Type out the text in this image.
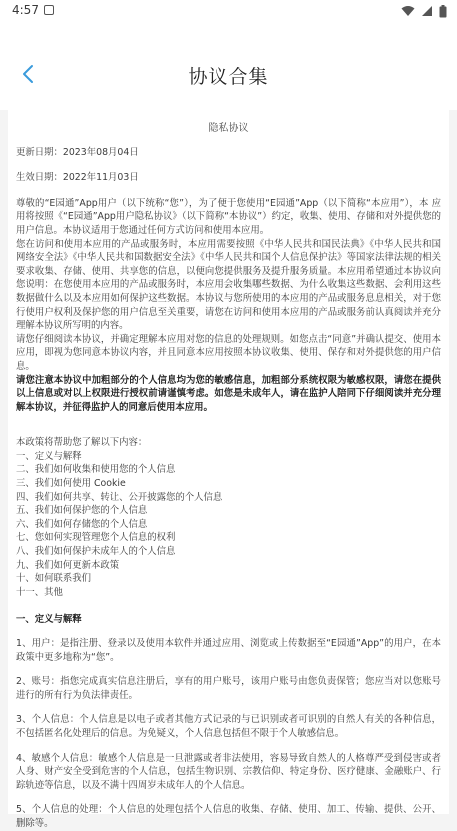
4:57
协议合集
隐私协议
更新日期：2023年08月04日
生效日期：2022年11月03日

尊敬的“E园通”App用户（以下统称“您”），为了便于您使用“E园通”App（以下简称“本应用”），本 应 用将按照《“E园通”App用户隐私协议》（以下简称“本协议”）约定，收集、使用、存储和对外提供您的用户信息。本协议适用于您通过任何方式访问和使用本应用。

您在访问和使用本应用的产品或服务时，本应用需要按照《中华人民共和国民法典》《中华人民共和国网络安全法》《中华人民共和国数据安全法》《中华人民共和国个人信息保护法》等国家法律法规的相关要求收集、存储、使用、共享您的信息，以便向您提供服务及提升服务质量。本应用希望通过本协议向您说明：在您使用本应用的产品或服务时，本应用会收集哪些数据、为什么收集这些数据、会利用这些数据做什么以及本应用如何保护这些数据。本协议与您所使用的本应用的产品或服务息息相关，对于您行使用户权利及保护您的用户信息至关重要，请您在访问和使用本应用的产品或服务前认真阅读并充分理解本协议所写明的内容。

请您仔细阅读本协议，并确定理解本应用对您的信息的处理规则。如您点击“同意”并确认提交、使用本应用，即视为您同意本协议内容，并且同意本应用按照本协议收集、使用、保存和对外提供您的用户信息。

请您注意本协议中加粗部分的个人信息均为您的敏感信息，加粗部分系统权限为敏感权限，请您在提供以上信息或对以上权限进行授权前请谨慎考虑。如您是未成年人，请在监护人陪同下仔细阅读并充分理解本协议，并征得监护人的同意后使用本应用。

本政策将帮助您了解以下内容：

一、定义与解释

二、我们如何收集和使用您的个人信息

三、我们如何使用 Cookie

四、我们如何共享、转让、公开披露您的个人信息

五、我们如何保护您的个人信息

六、我们如何存储您的个人信息

七、您如何实现管理您个人信息的权利

八、我们如何保护未成年人的个人信息

九、我们如何更新本政策

十、如何联系我们

十一、其他

一、定义与解释

1、用户：是指注册、登录以及使用本软件并通过应用、浏览或上传数据至“E园通”App”的用户，在本政策中更多地称为“您”。

2、账号：指您完成真实信息注册后，享有的用户账号，该用户账号由您负责保管；您应当对以您账号进行的所有行为负法律责任。

3、个人信息：个人信息是以电子或者其他方式记录的与已识别或者可识别的自然人有关的各种信息，不包括匿名化处理后的信息。为免疑义，个人信息包括但不限于个人敏感信息。

4、敏感个人信息：敏感个人信息是一旦泄露或者非法使用，容易导致自然人的人格尊严受到侵害或者人身、财产安全受到危害的个人信息，包括生物识别、宗教信仰、特定身份、医疗健康、金融账户、行踪轨迹等信息，以及不满十四周岁未成年人的个人信息。

5、个人信息的处理：个人信息的处理包括个人信息的收集、存储、使用、加工、传输、提供、公开、删除等。
